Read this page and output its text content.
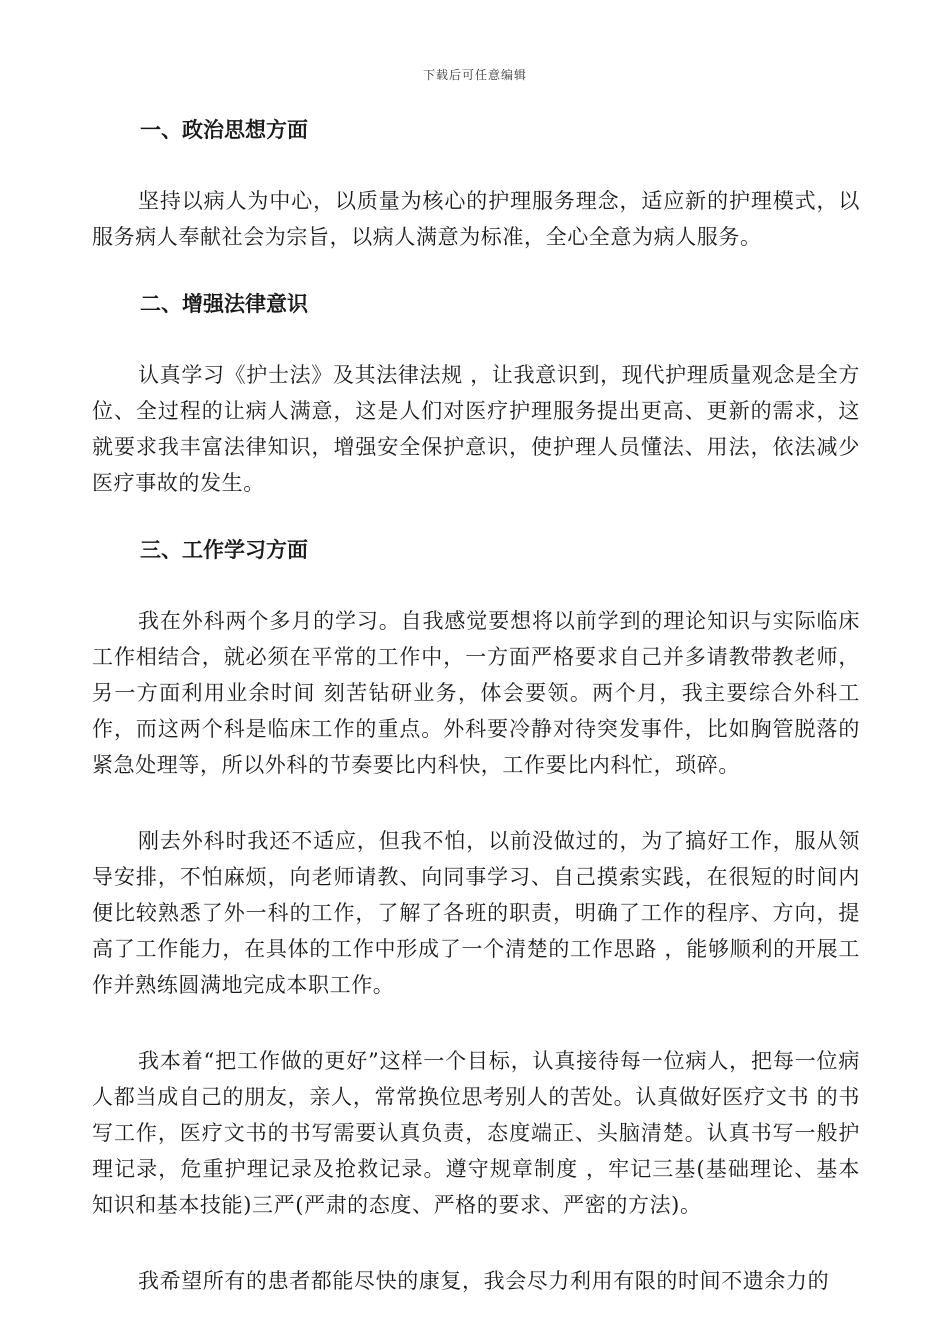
下载后可任意编辑
一、政治思想方面

坚持以病人为中心，以质量为核心的护理服务理念，适应新的护理模式，以服务病人奉献社会为宗旨，以病人满意为标准，全心全意为病人服务。

二、增强法律意识

认真学习《护士法》及其法律法规 ，让我意识到，现代护理质量观念是全方位、全过程的让病人满意，这是人们对医疗护理服务提出更高、更新的需求，这就要求我丰富法律知识，增强安全保护意识，使护理人员懂法、用法，依法减少医疗事故的发生。

三、工作学习方面

我在外科两个多月的学习。自我感觉要想将以前学到的理论知识与实际临床工作相结合，就必须在平常的工作中，一方面严格要求自己并多请教带教老师，另一方面利用业余时间 刻苦钻研业务，体会要领。两个月，我主要综合外科工作，而这两个科是临床工作的重点。外科要冷静对待突发事件，比如胸管脱落的紧急处理等，所以外科的节奏要比内科快，工作要比内科忙，琐碎。

刚去外科时我还不适应，但我不怕，以前没做过的，为了搞好工作，服从领导安排，不怕麻烦，向老师请教、向同事学习、自己摸索实践，在很短的时间内便比较熟悉了外一科的工作，了解了各班的职责，明确了工作的程序、方向，提高了工作能力，在具体的工作中形成了一个清楚的工作思路 ，能够顺利的开展工作并熟练圆满地完成本职工作。

我本着“把工作做的更好”这样一个目标，认真接待每一位病人，把每一位病人都当成自己的朋友，亲人，常常换位思考别人的苦处。认真做好医疗文书 的书写工作，医疗文书的书写需要认真负责，态度端正、头脑清楚。认真书写一般护理记录，危重护理记录及抢救记录。遵守规章制度 ，牢记三基(基础理论、基本知识和基本技能)三严(严肃的态度、严格的要求、严密的方法)。

我希望所有的患者都能尽快的康复，我会尽力利用有限的时间不遗余力的
